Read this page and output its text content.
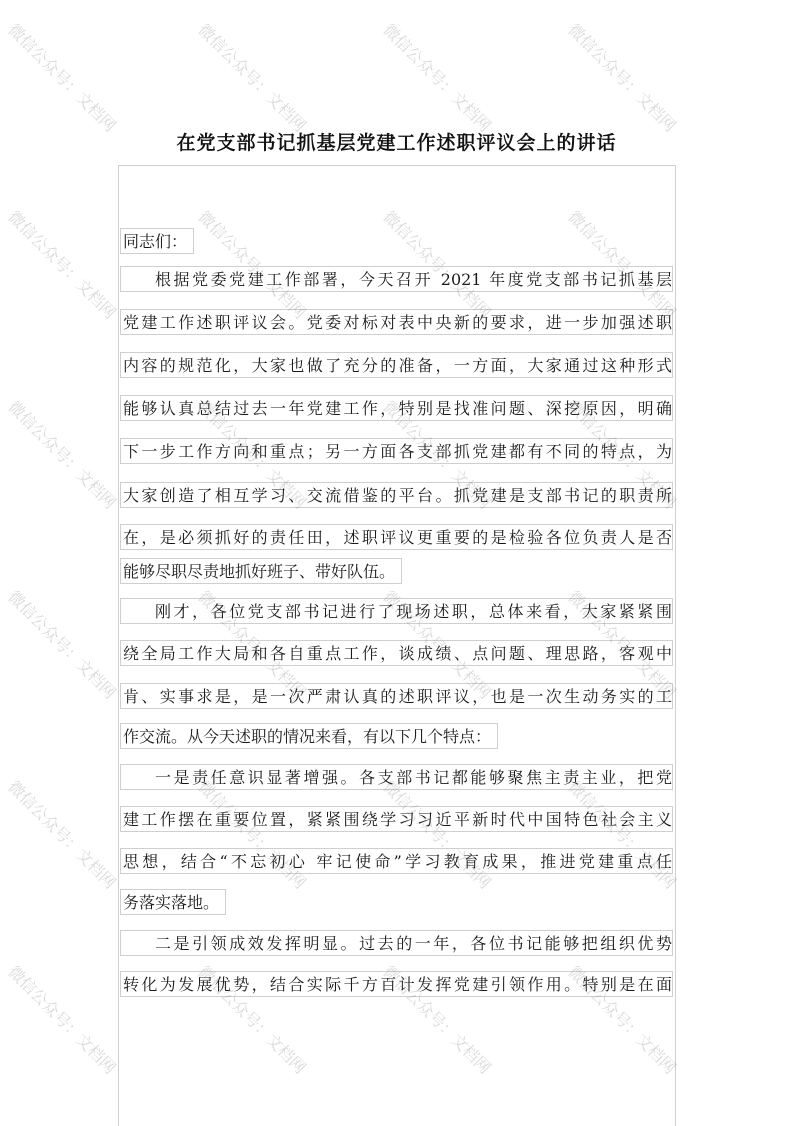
在党支部书记抓基层党建工作述职评议会上的讲话
同志们：
根据党委党建工作部署，今天召开 2021 年度党支部书记抓基层
党建工作述职评议会。党委对标对表中央新的要求，进一步加强述职
内容的规范化，大家也做了充分的准备，一方面，大家通过这种形式
能够认真总结过去一年党建工作，特别是找准问题、深挖原因，明确
下一步工作方向和重点；另一方面各支部抓党建都有不同的特点，为
大家创造了相互学习、交流借鉴的平台。抓党建是支部书记的职责所
在，是必须抓好的责任田，述职评议更重要的是检验各位负责人是否
能够尽职尽责地抓好班子、带好队伍。
刚才，各位党支部书记进行了现场述职，总体来看，大家紧紧围
绕全局工作大局和各自重点工作，谈成绩、点问题、理思路，客观中
肯、实事求是，是一次严肃认真的述职评议，也是一次生动务实的工
作交流。从今天述职的情况来看，有以下几个特点：
一是责任意识显著增强。各支部书记都能够聚焦主责主业，把党
建工作摆在重要位置，紧紧围绕学习习近平新时代中国特色社会主义
思想，结合“不忘初心 牢记使命”学习教育成果，推进党建重点任
务落实落地。
二是引领成效发挥明显。过去的一年，各位书记能够把组织优势
转化为发展优势，结合实际千方百计发挥党建引领作用。特别是在面
微信公众号：文档网	微信公众号：文档网	微信公众号：文档网	微信公众号：文档网
微信公众号：文档网	微信公众号：文档网	微信公众号：文档网	微信公众号：文档网
微信公众号：文档网	微信公众号：文档网	微信公众号：文档网	微信公众号：文档网
微信公众号：文档网	微信公众号：文档网	微信公众号：文档网	微信公众号：文档网
微信公众号：文档网	微信公众号：文档网	微信公众号：文档网	微信公众号：文档网
微信公众号：文档网	微信公众号：文档网	微信公众号：文档网	微信公众号：文档网
